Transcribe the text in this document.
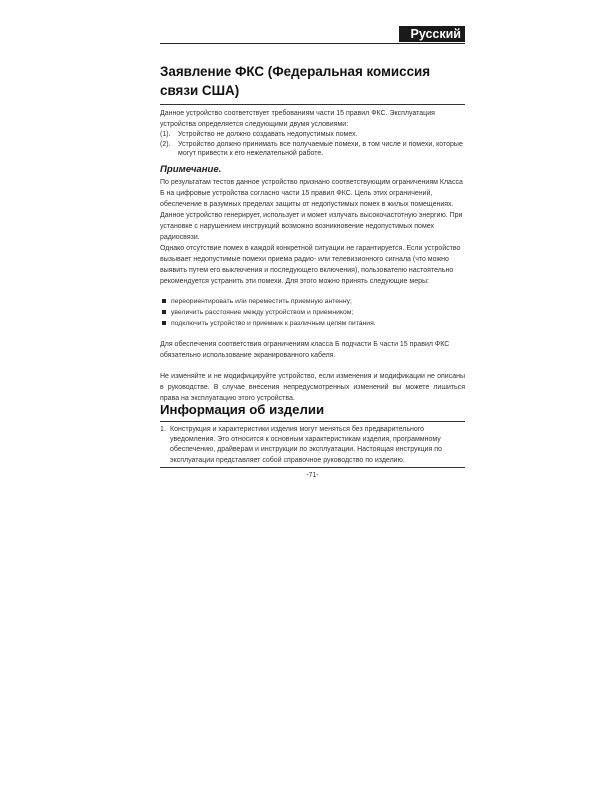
Русский
Заявление ФКС (Федеральная комиссия связи США)

Данное устройство соответствует требованиям части 15 правил ФКС. Эксплуатация устройства определяется следующими двумя условиями:

(1). Устройство не должно создавать недопустимых помех.
(2). Устройство должно принимать все получаемые помехи, в том числе и помехи, которые могут привести к его нежелательной работе.
Примечание.

По результатам тестов данное устройство признано соответствующим ограничениям Класса Б на цифровые устройства согласно части 15 правил ФКС. Цель этих ограничений, обеспечение в разумных пределах защиты от недопустимых помех в жилых помещениях. Данное устройство генерирует, использует и может излучать высокочастотную энергию. При установке с нарушением инструкций возможно возникновение недопустимых помех радиосвязи.

Однако отсутствие помех в каждой конкретной ситуации не гарантируется. Если устройство вызывает недопустимые помехи приема радио- или телевизионного сигнала (что можно выявить путем его выключения и последующего включения), пользователю настоятельно рекомендуется устранить эти помехи. Для этого можно принять следующие меры:

переориентировать или переместить приемную антенну;
увеличить расстояние между устройством и приемником;
подключить устройство и приемник к различным цепям питания.

Для обеспечения соответствия ограничениям класса Б подчасти Б части 15 правил ФКС обязательно использование экранированного кабеля.

Не изменяйте и не модифицируйте устройство, если изменения и модификации не описаны в руководстве. В случае внесения непредусмотренных изменений вы можете лишиться права на эксплуатацию этого устройства.

Информация об изделии
1. Конструкция и характеристики изделия могут меняться без предварительного уведомления. Это относится к основным характеристикам изделия, программному обеспечению, драйверам и инструкции по эксплуатации. Настоящая инструкция по эксплуатации представляет собой справочное руководство по изделию.
-71-
